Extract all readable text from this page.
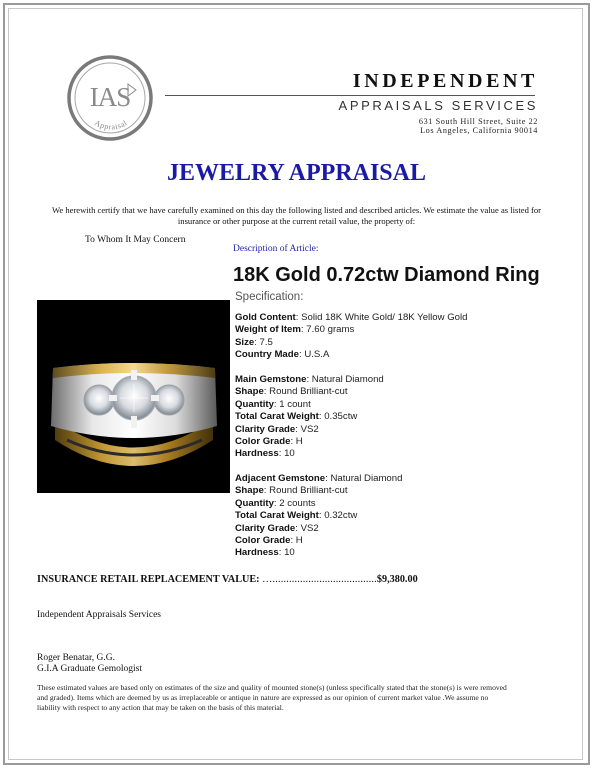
IAS
Appraisal
INDEPENDENT
APPRAISALS SERVICES
631 South Hill Street, Suite 22
Los Angeles, California 90014
JEWELRY APPRAISAL
We herewith certify that we have carefully examined on this day the following listed and described articles. We estimate the value as listed for insurance or other purpose at the current retail value, the property of:
To Whom It May Concern
Description of Article:
18K Gold 0.72ctw Diamond Ring
Specification:
Gold Content: Solid 18K White Gold/ 18K Yellow Gold
Weight of Item: 7.60 grams
Size: 7.5
Country Made: U.S.A
Main Gemstone: Natural Diamond
Shape: Round Brilliant-cut
Quantity: 1 count
Total Carat Weight: 0.35ctw
Clarity Grade: VS2
Color Grade: H
Hardness: 10
Adjacent Gemstone: Natural Diamond
Shape: Round Brilliant-cut
Quantity: 2 counts
Total Carat Weight: 0.32ctw
Clarity Grade: VS2
Color Grade: H
Hardness: 10
INSURANCE RETAIL REPLACEMENT VALUE: …......................................$9,380.00
Independent Appraisals Services
Roger Benatar, G.G.
G.I.A Graduate Gemologist
These estimated values are based only on estimates of the size and quality of mounted stone(s) (unless specifically stated that the stone(s) is were removed and graded). Items which are deemed by us as irreplaceable or antique in nature are expressed as our opinion of current market value .We assume no liability with respect to any action that may be taken on the basis of this material.
